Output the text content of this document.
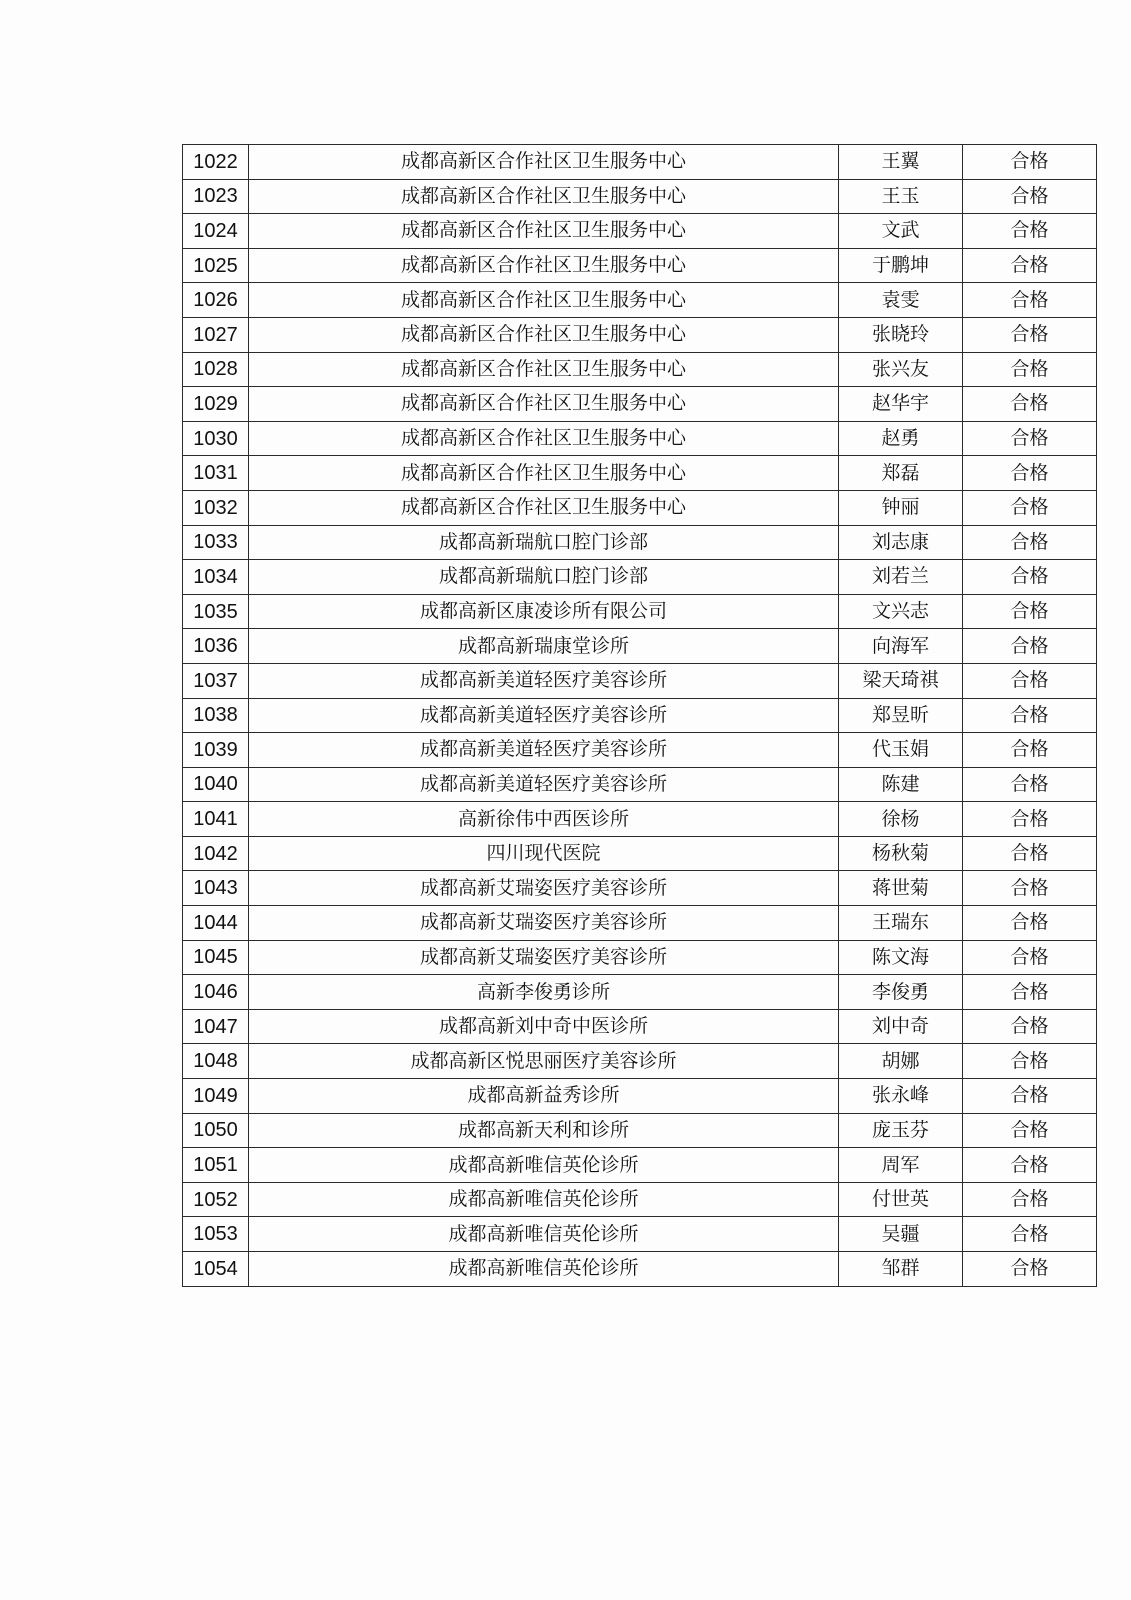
1022	成都高新区合作社区卫生服务中心	王翼	合格
1023	成都高新区合作社区卫生服务中心	王玉	合格
1024	成都高新区合作社区卫生服务中心	文武	合格
1025	成都高新区合作社区卫生服务中心	于鹏坤	合格
1026	成都高新区合作社区卫生服务中心	袁雯	合格
1027	成都高新区合作社区卫生服务中心	张晓玲	合格
1028	成都高新区合作社区卫生服务中心	张兴友	合格
1029	成都高新区合作社区卫生服务中心	赵华宇	合格
1030	成都高新区合作社区卫生服务中心	赵勇	合格
1031	成都高新区合作社区卫生服务中心	郑磊	合格
1032	成都高新区合作社区卫生服务中心	钟丽	合格
1033	成都高新瑞航口腔门诊部	刘志康	合格
1034	成都高新瑞航口腔门诊部	刘若兰	合格
1035	成都高新区康凌诊所有限公司	文兴志	合格
1036	成都高新瑞康堂诊所	向海军	合格
1037	成都高新美道轻医疗美容诊所	梁天琦祺	合格
1038	成都高新美道轻医疗美容诊所	郑昱昕	合格
1039	成都高新美道轻医疗美容诊所	代玉娟	合格
1040	成都高新美道轻医疗美容诊所	陈建	合格
1041	高新徐伟中西医诊所	徐杨	合格
1042	四川现代医院	杨秋菊	合格
1043	成都高新艾瑞姿医疗美容诊所	蒋世菊	合格
1044	成都高新艾瑞姿医疗美容诊所	王瑞东	合格
1045	成都高新艾瑞姿医疗美容诊所	陈文海	合格
1046	高新李俊勇诊所	李俊勇	合格
1047	成都高新刘中奇中医诊所	刘中奇	合格
1048	成都高新区悦思丽医疗美容诊所	胡娜	合格
1049	成都高新益秀诊所	张永峰	合格
1050	成都高新天利和诊所	庞玉芬	合格
1051	成都高新唯信英伦诊所	周军	合格
1052	成都高新唯信英伦诊所	付世英	合格
1053	成都高新唯信英伦诊所	吴疆	合格
1054	成都高新唯信英伦诊所	邹群	合格
